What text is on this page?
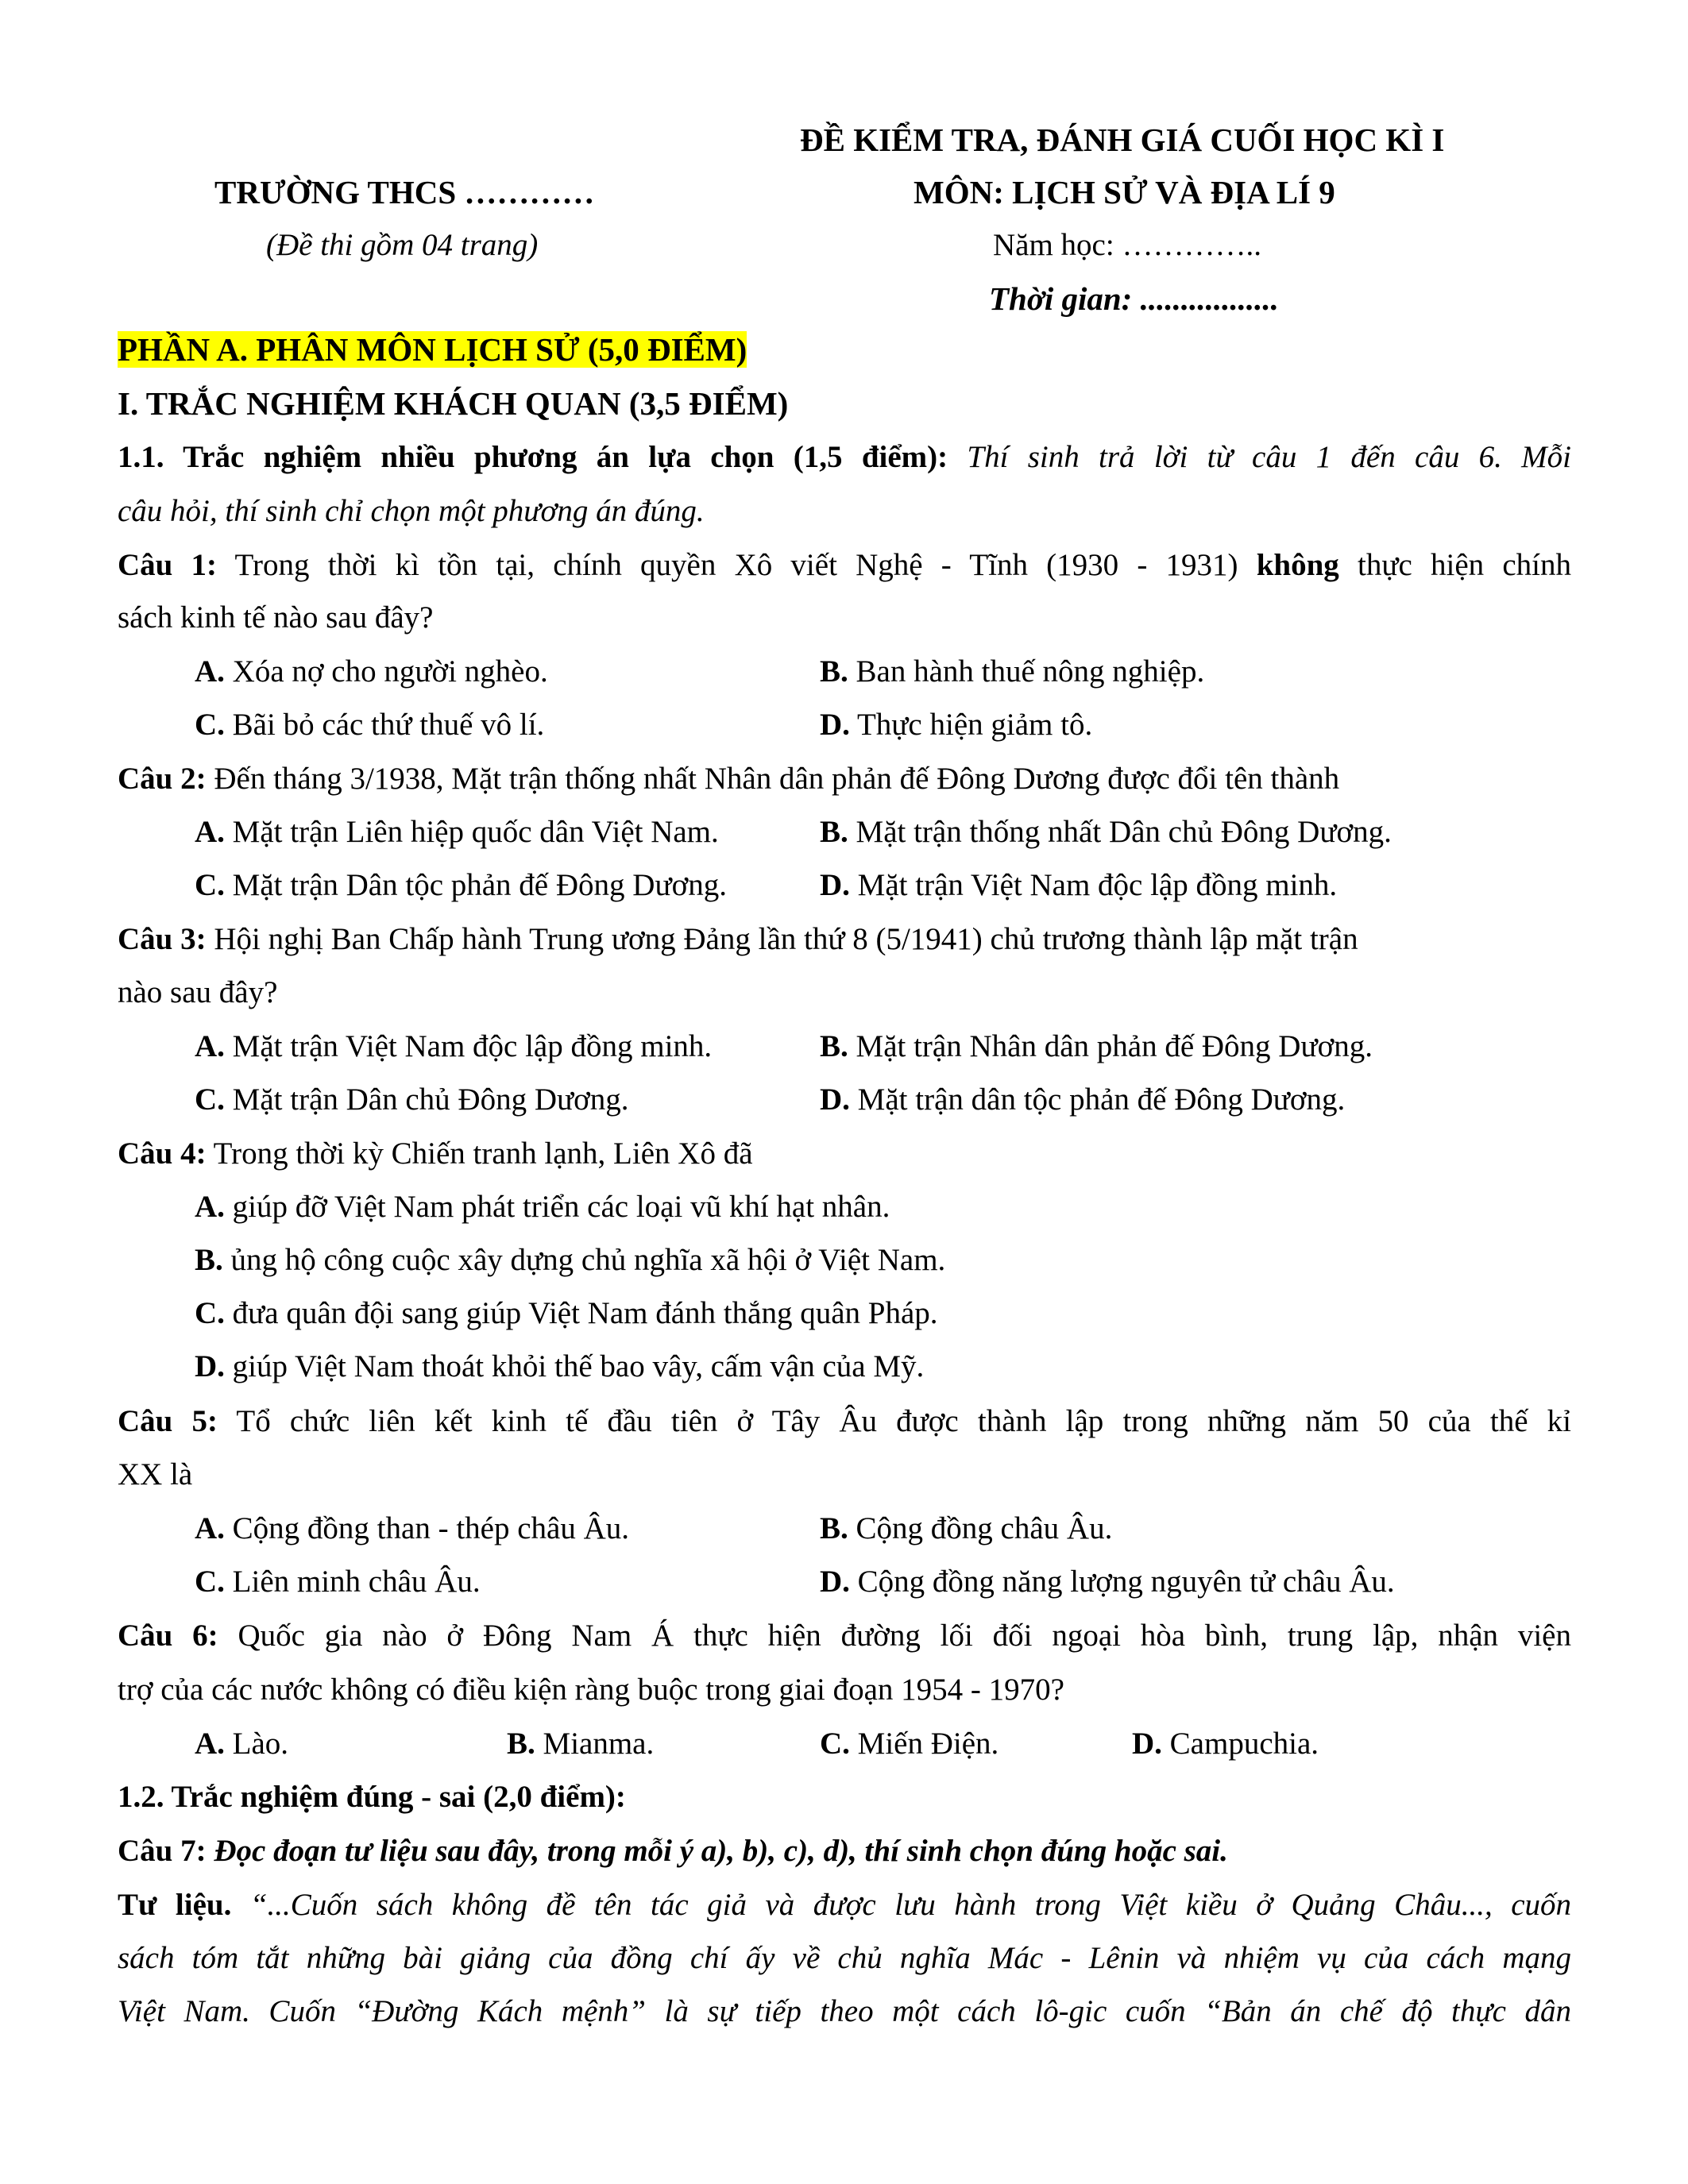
ĐỀ KIỂM TRA, ĐÁNH GIÁ CUỐI HỌC KÌ I
TRƯỜNG THCS …………	MÔN: LỊCH SỬ VÀ ĐỊA LÍ 9
(Đề thi gồm 04 trang)	Năm học: …………..
Thời gian: .................
PHẦN A. PHÂN MÔN LỊCH SỬ (5,0 ĐIỂM)
I. TRẮC NGHIỆM KHÁCH QUAN (3,5 ĐIỂM)
1.1. Trắc nghiệm nhiều phương án lựa chọn (1,5 điểm): Thí sinh trả lời từ câu 1 đến câu 6. Mỗi
câu hỏi, thí sinh chỉ chọn một phương án đúng.
Câu 1: Trong thời kì tồn tại, chính quyền Xô viết Nghệ - Tĩnh (1930 - 1931) không thực hiện chính
sách kinh tế nào sau đây?
A. Xóa nợ cho người nghèo.	B. Ban hành thuế nông nghiệp.
C. Bãi bỏ các thứ thuế vô lí.	D. Thực hiện giảm tô.
Câu 2: Đến tháng 3/1938, Mặt trận thống nhất Nhân dân phản đế Đông Dương được đổi tên thành
A. Mặt trận Liên hiệp quốc dân Việt Nam.	B. Mặt trận thống nhất Dân chủ Đông Dương.
C. Mặt trận Dân tộc phản đế Đông Dương.	D. Mặt trận Việt Nam độc lập đồng minh.
Câu 3: Hội nghị Ban Chấp hành Trung ương Đảng lần thứ 8 (5/1941) chủ trương thành lập mặt trận
nào sau đây?
A. Mặt trận Việt Nam độc lập đồng minh.	B. Mặt trận Nhân dân phản đế Đông Dương.
C. Mặt trận Dân chủ Đông Dương.	D. Mặt trận dân tộc phản đế Đông Dương.
Câu 4: Trong thời kỳ Chiến tranh lạnh, Liên Xô đã
A. giúp đỡ Việt Nam phát triển các loại vũ khí hạt nhân.
B. ủng hộ công cuộc xây dựng chủ nghĩa xã hội ở Việt Nam.
C. đưa quân đội sang giúp Việt Nam đánh thắng quân Pháp.
D. giúp Việt Nam thoát khỏi thế bao vây, cấm vận của Mỹ.
Câu 5: Tổ chức liên kết kinh tế đầu tiên ở Tây Âu được thành lập trong những năm 50 của thế kỉ
XX là
A. Cộng đồng than - thép châu Âu.	B. Cộng đồng châu Âu.
C. Liên minh châu Âu.	D. Cộng đồng năng lượng nguyên tử châu Âu.
Câu 6: Quốc gia nào ở Đông Nam Á thực hiện đường lối đối ngoại hòa bình, trung lập, nhận viện
trợ của các nước không có điều kiện ràng buộc trong giai đoạn 1954 - 1970?
A. Lào.	B. Mianma.	C. Miến Điện.	D. Campuchia.
1.2. Trắc nghiệm đúng - sai (2,0 điểm):
Câu 7: Đọc đoạn tư liệu sau đây, trong mỗi ý a), b), c), d), thí sinh chọn đúng hoặc sai.
Tư liệu. “...Cuốn sách không đề tên tác giả và được lưu hành trong Việt kiều ở Quảng Châu..., cuốn
sách tóm tắt những bài giảng của đồng chí ấy về chủ nghĩa Mác - Lênin và nhiệm vụ của cách mạng
Việt Nam. Cuốn “Đường Kách mệnh” là sự tiếp theo một cách lô-gic cuốn “Bản án chế độ thực dân
